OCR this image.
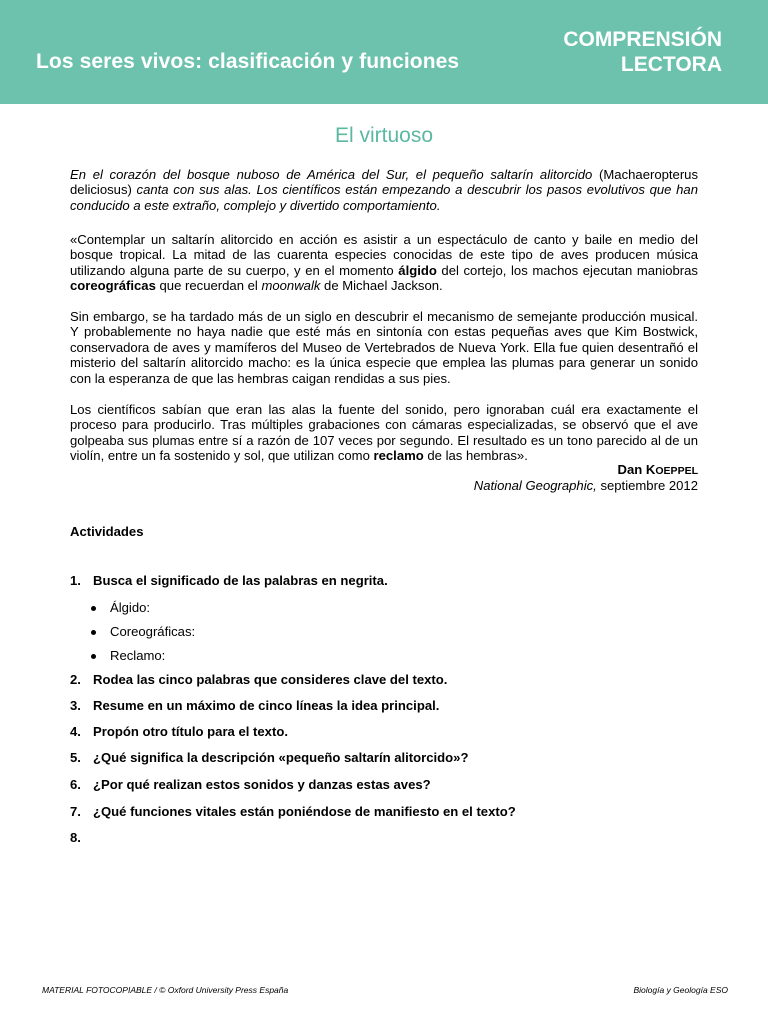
Los seres vivos: clasificación y funciones
COMPRENSIÓN
LECTORA
El virtuoso
En el corazón del bosque nuboso de América del Sur, el pequeño saltarín alitorcido (Machaeropterus deliciosus) canta con sus alas. Los científicos están empezando a descubrir los pasos evolutivos que han conducido a este extraño, complejo y divertido comportamiento.
«Contemplar un saltarín alitorcido en acción es asistir a un espectáculo de canto y baile en medio del bosque tropical. La mitad de las cuarenta especies conocidas de este tipo de aves producen música utilizando alguna parte de su cuerpo, y en el momento álgido del cortejo, los machos ejecutan maniobras coreográficas que recuerdan el moonwalk de Michael Jackson.
Sin embargo, se ha tardado más de un siglo en descubrir el mecanismo de semejante producción musical. Y probablemente no haya nadie que esté más en sintonía con estas pequeñas aves que Kim Bostwick, conservadora de aves y mamíferos del Museo de Vertebrados de Nueva York. Ella fue quien desentrañó el misterio del saltarín alitorcido macho: es la única especie que emplea las plumas para generar un sonido con la esperanza de que las hembras caigan rendidas a sus pies.
Los científicos sabían que eran las alas la fuente del sonido, pero ignoraban cuál era exactamente el proceso para producirlo. Tras múltiples grabaciones con cámaras especializadas, se observó que el ave golpeaba sus plumas entre sí a razón de 107 veces por segundo. El resultado es un tono parecido al de un violín, entre un fa sostenido y sol, que utilizan como reclamo de las hembras».
Dan KOEPPEL
National Geographic, septiembre 2012
Actividades
1. Busca el significado de las palabras en negrita.
Álgido:
Coreográficas:
Reclamo:
2. Rodea las cinco palabras que consideres clave del texto.
3. Resume en un máximo de cinco líneas la idea principal.
4. Propón otro título para el texto.
5. ¿Qué significa la descripción «pequeño saltarín alitorcido»?
6. ¿Por qué realizan estos sonidos y danzas estas aves?
7. ¿Qué funciones vitales están poniéndose de manifiesto en el texto?
8.
MATERIAL FOTOCOPIABLE / © Oxford University Press España	Biología y Geología ESO
